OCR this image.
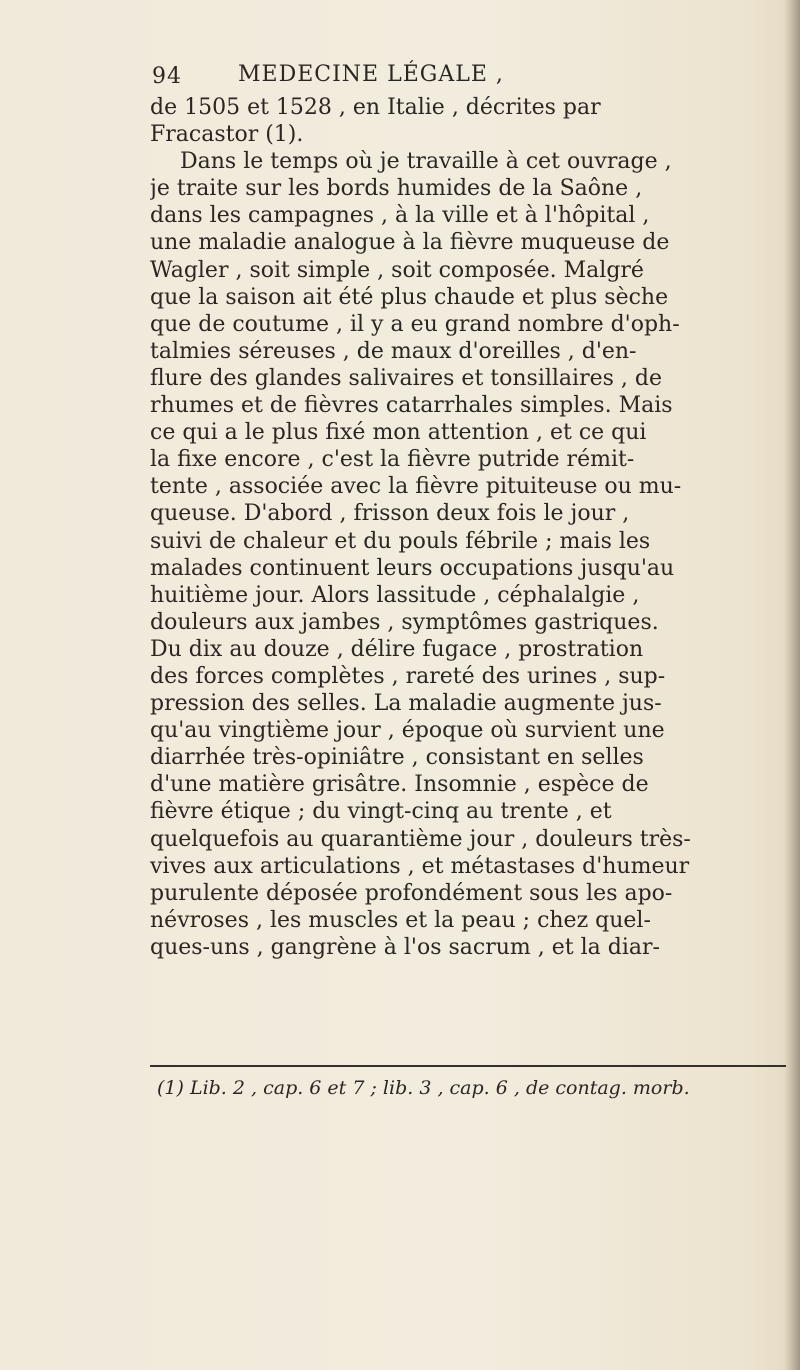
94	MEDECINE LÉGALE ,
de 1505 et 1528 , en Italie , décrites par
Fracastor (1).
Dans le temps où je travaille à cet ouvrage ,
je traite sur les bords humides de la Saône ,
dans les campagnes , à la ville et à l'hôpital ,
une maladie analogue à la fièvre muqueuse de
Wagler , soit simple , soit composée. Malgré
que la saison ait été plus chaude et plus sèche
que de coutume , il y a eu grand nombre d'oph-
talmies séreuses , de maux d'oreilles , d'en-
flure des glandes salivaires et tonsillaires , de
rhumes et de fièvres catarrhales simples. Mais
ce qui a le plus fixé mon attention , et ce qui
la fixe encore , c'est la fièvre putride rémit-
tente , associée avec la fièvre pituiteuse ou mu-
queuse. D'abord , frisson deux fois le jour ,
suivi de chaleur et du pouls fébrile ; mais les
malades continuent leurs occupations jusqu'au
huitième jour. Alors lassitude , céphalalgie ,
douleurs aux jambes , symptômes gastriques.
Du dix au douze , délire fugace , prostration
des forces complètes , rareté des urines , sup-
pression des selles. La maladie augmente jus-
qu'au vingtième jour , époque où survient une
diarrhée très-opiniâtre , consistant en selles
d'une matière grisâtre. Insomnie , espèce de
fièvre étique ; du vingt-cinq au trente , et
quelquefois au quarantième jour , douleurs très-
vives aux articulations , et métastases d'humeur
purulente déposée profondément sous les apo-
névroses , les muscles et la peau ; chez quel-
ques-uns , gangrène à l'os sacrum , et la diar-
(1) Lib. 2 , cap. 6 et 7 ; lib. 3 , cap. 6 , de contag. morb.
